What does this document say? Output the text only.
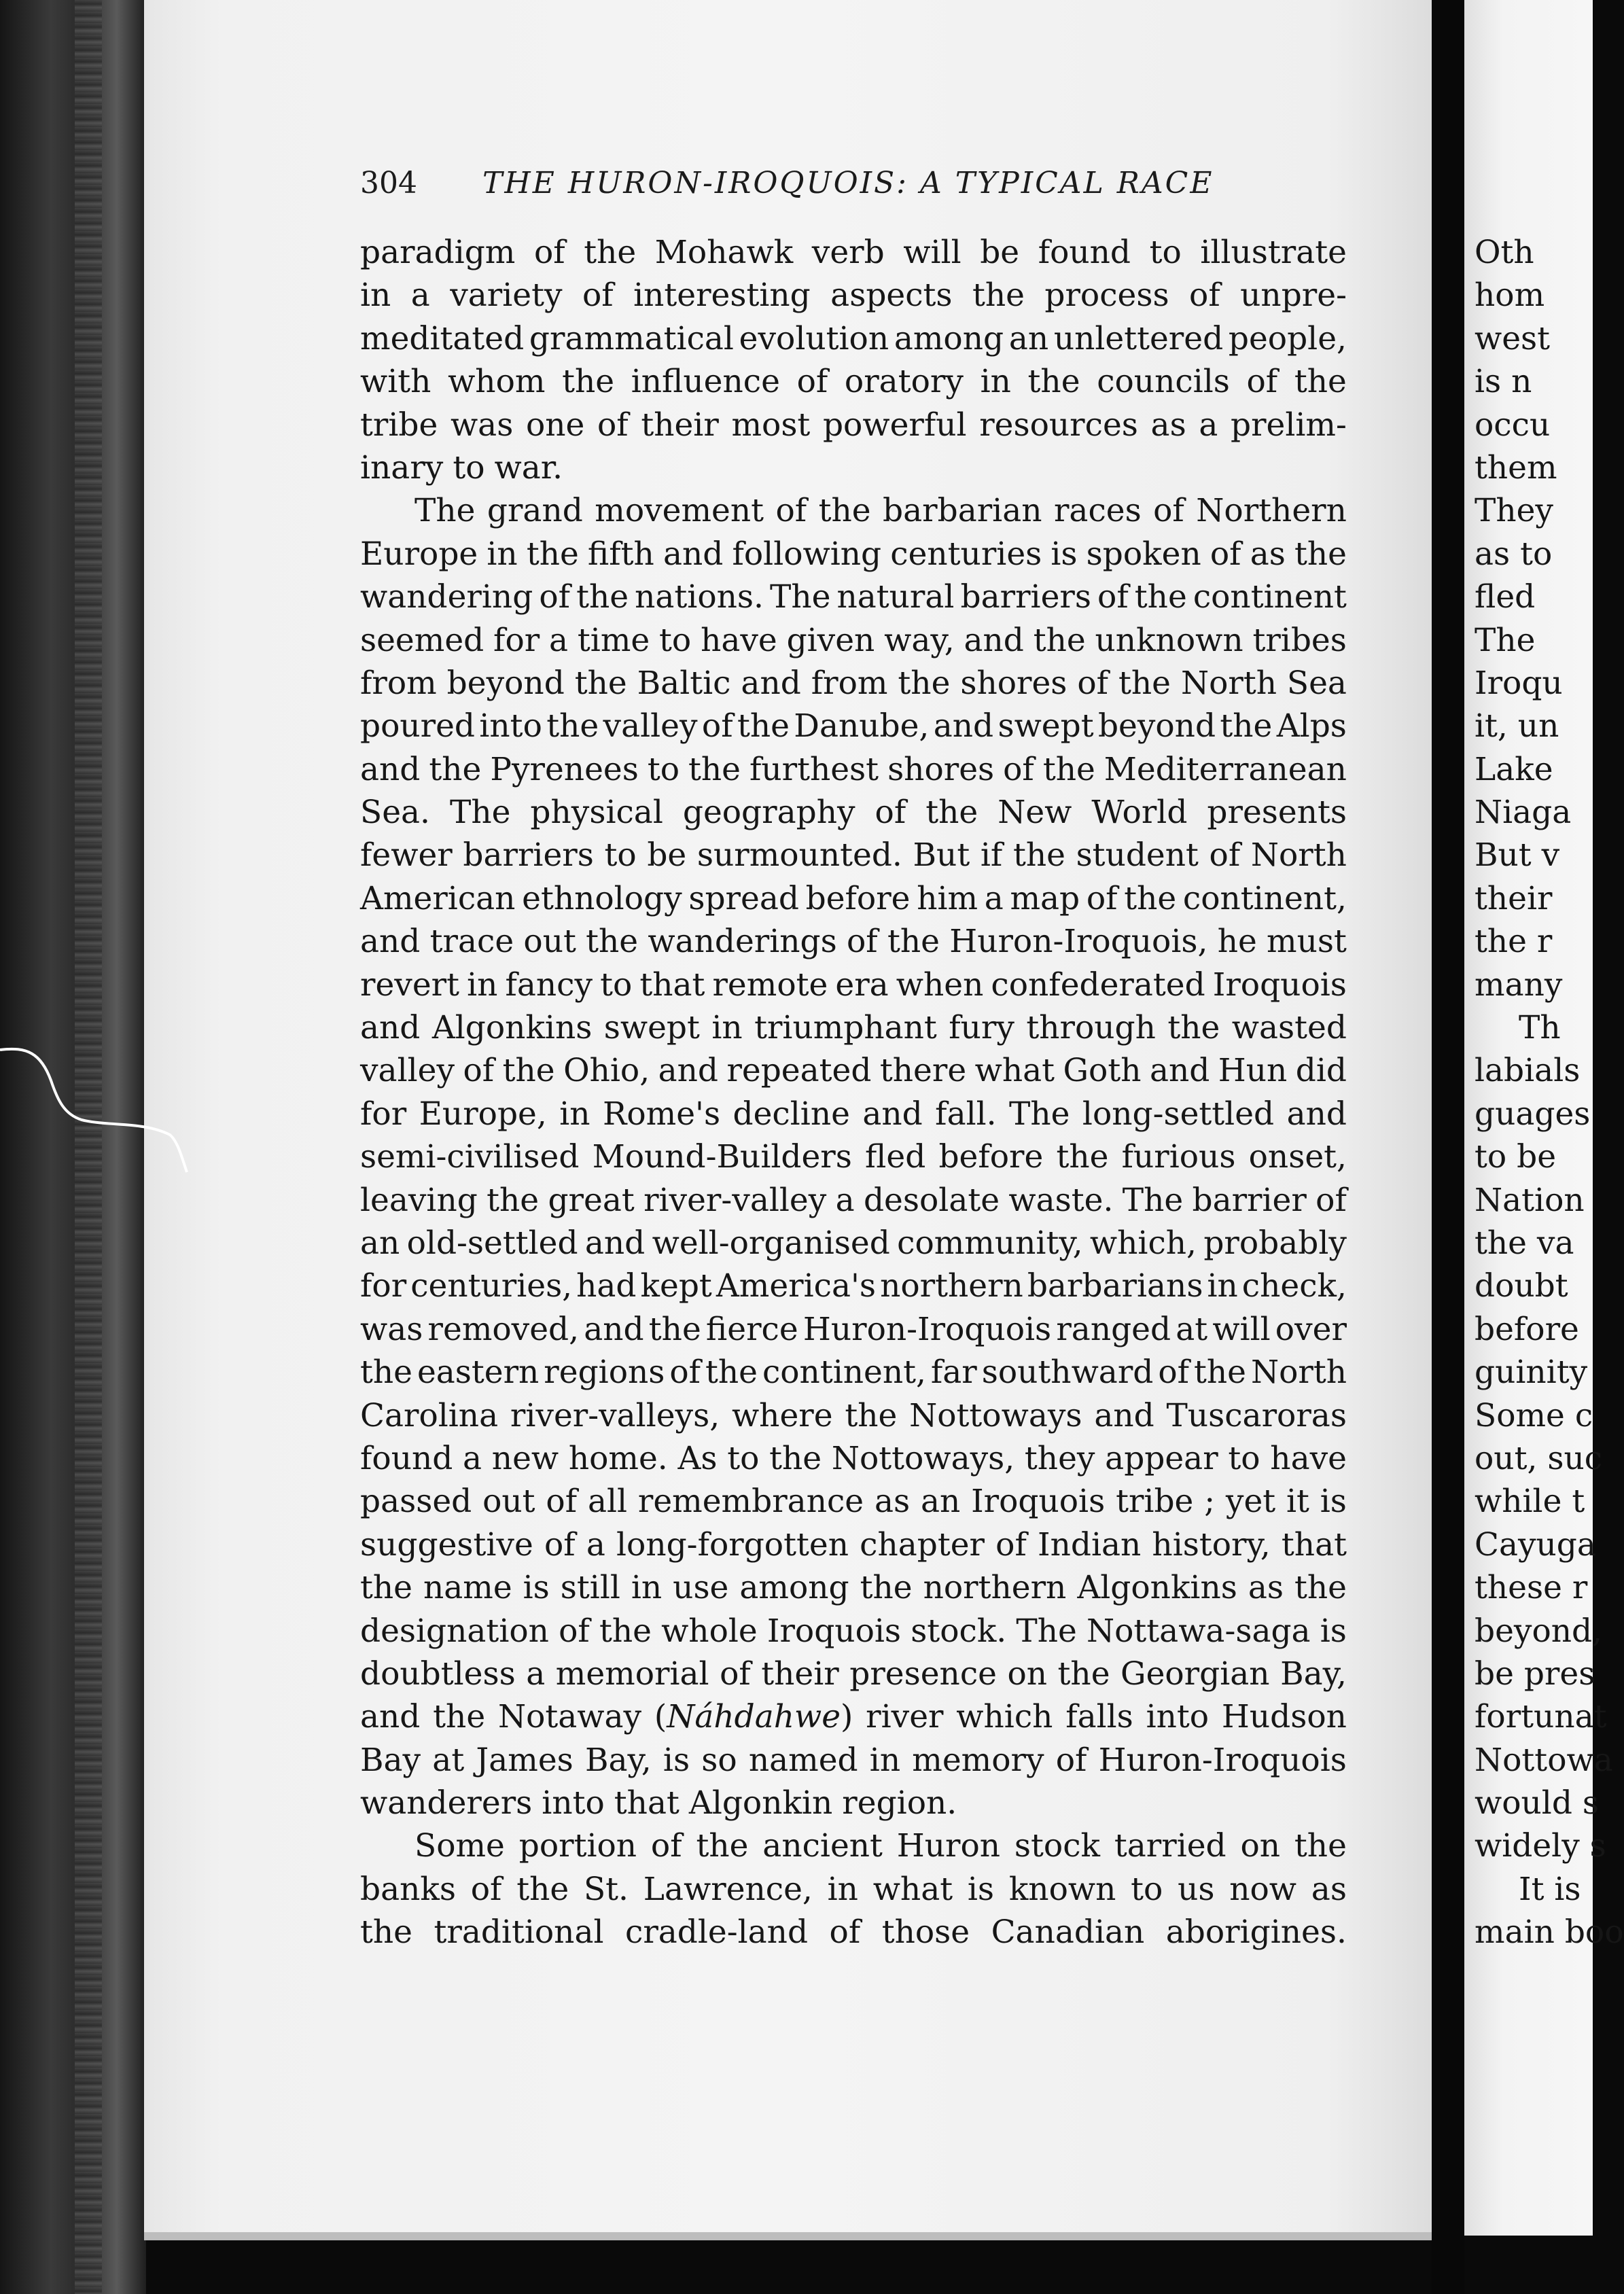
304 THE HURON-IROQUOIS: A TYPICAL RACE
paradigm of the Mohawk verb will be found to illustrate
in a variety of interesting aspects the process of unpre-
meditated grammatical evolution among an unlettered people,
with whom the influence of oratory in the councils of the
tribe was one of their most powerful resources as a prelim-
inary to war.
The grand movement of the barbarian races of Northern
Europe in the fifth and following centuries is spoken of as the
wandering of the nations. The natural barriers of the continent
seemed for a time to have given way, and the unknown tribes
from beyond the Baltic and from the shores of the North Sea
poured into the valley of the Danube, and swept beyond the Alps
and the Pyrenees to the furthest shores of the Mediterranean
Sea. The physical geography of the New World presents
fewer barriers to be surmounted. But if the student of North
American ethnology spread before him a map of the continent,
and trace out the wanderings of the Huron-Iroquois, he must
revert in fancy to that remote era when confederated Iroquois
and Algonkins swept in triumphant fury through the wasted
valley of the Ohio, and repeated there what Goth and Hun did
for Europe, in Rome's decline and fall. The long-settled and
semi-civilised Mound-Builders fled before the furious onset,
leaving the great river-valley a desolate waste. The barrier of
an old-settled and well-organised community, which, probably
for centuries, had kept America's northern barbarians in check,
was removed, and the fierce Huron-Iroquois ranged at will over
the eastern regions of the continent, far southward of the North
Carolina river-valleys, where the Nottoways and Tuscaroras
found a new home. As to the Nottoways, they appear to have
passed out of all remembrance as an Iroquois tribe ; yet it is
suggestive of a long-forgotten chapter of Indian history, that
the name is still in use among the northern Algonkins as the
designation of the whole Iroquois stock. The Nottawa-saga is
doubtless a memorial of their presence on the Georgian Bay,
and the Notaway (Náhdahwe) river which falls into Hudson
Bay at James Bay, is so named in memory of Huron-Iroquois
wanderers into that Algonkin region.
Some portion of the ancient Huron stock tarried on the
banks of the St. Lawrence, in what is known to us now as
the traditional cradle-land of those Canadian aborigines.
Oth
hom
west
is n
occu
them
They
as to
fled
The
Iroqu
it, un
Lake
Niaga
But v
their
the r
many
Th
labials
guages
to be
Nation
the va
doubt
before
guinity
Some c
out, suc
while t
Cayuga
these r
beyond,
be pres
fortunat
Nottowa
would s
widely s
It is
main boo
